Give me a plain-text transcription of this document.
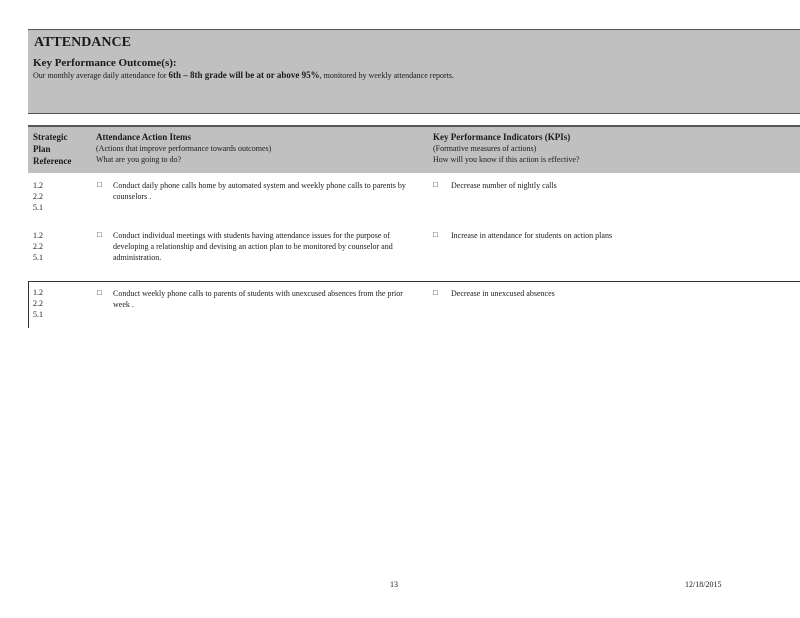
ATTENDANCE
Key Performance Outcome(s):
Our monthly average daily attendance for 6th – 8th grade will be at or above 95%, monitored by weekly attendance reports.
Strategic
Plan
Reference
Attendance Action Items
(Actions that improve performance towards outcomes)
What are you going to do?
Key Performance Indicators (KPIs)
(Formative measures of actions)
How will you know if this action is effective?
1.2
2.2
5.1
□ Conduct daily phone calls home by automated system and weekly phone calls to parents by counselors .
□ Decrease number of nightly calls
1.2
2.2
5.1
□ Conduct individual meetings with students having attendance issues for the purpose of developing a relationship and devising an action plan to be monitored by counselor and administration.
□ Increase in attendance for students on action plans
1.2
2.2
5.1
□ Conduct weekly phone calls to parents of students with unexcused absences from the prior week .
□ Decrease in unexcused absences
13	12/18/2015
